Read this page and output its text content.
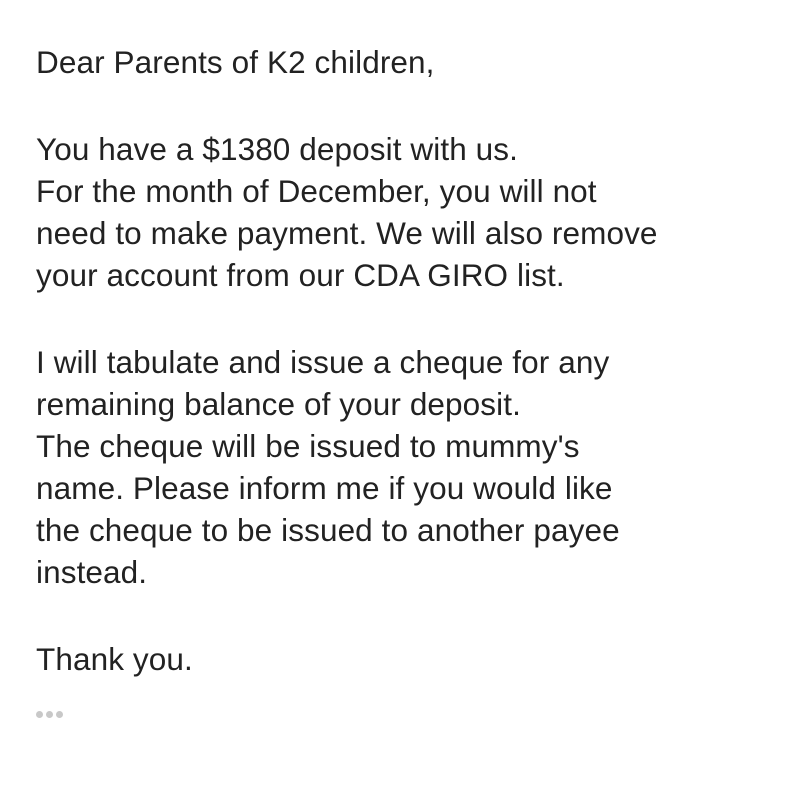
Dear Parents of K2 children,
You have a $1380 deposit with us.
For the month of December, you will not
need to make payment. We will also remove
your account from our CDA GIRO list.
I will tabulate and issue a cheque for any
remaining balance of your deposit.
The cheque will be issued to mummy's
name. Please inform me if you would like
the cheque to be issued to another payee
instead.
Thank you.
